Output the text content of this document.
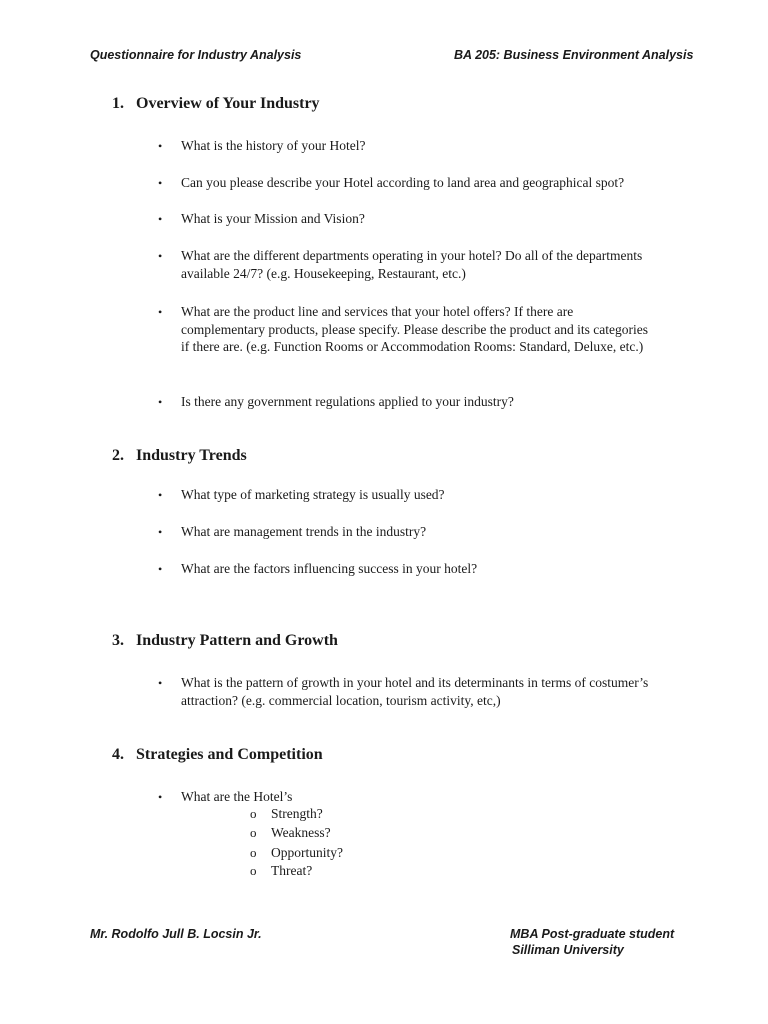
Questionnaire for Industry Analysis	BA 205: Business Environment Analysis
1. Overview of Your Industry
• What is the history of your Hotel?
• Can you please describe your Hotel according to land area and geographical spot?
• What is your Mission and Vision?
• What are the different departments operating in your hotel? Do all of the departments available 24/7? (e.g. Housekeeping, Restaurant, etc.)
• What are the product line and services that your hotel offers? If there are complementary products, please specify. Please describe the product and its categories if there are. (e.g. Function Rooms or Accommodation Rooms: Standard, Deluxe, etc.)
• Is there any government regulations applied to your industry?
2. Industry Trends
• What type of marketing strategy is usually used?
• What are management trends in the industry?
• What are the factors influencing success in your hotel?
3. Industry Pattern and Growth
• What is the pattern of growth in your hotel and its determinants in terms of costumer’s attraction? (e.g. commercial location, tourism activity, etc,)
4. Strategies and Competition
• What are the Hotel’s
o Strength?
o Weakness?
o Opportunity?
o Threat?
Mr. Rodolfo Jull B. Locsin Jr.	MBA Post-graduate student
Silliman University
